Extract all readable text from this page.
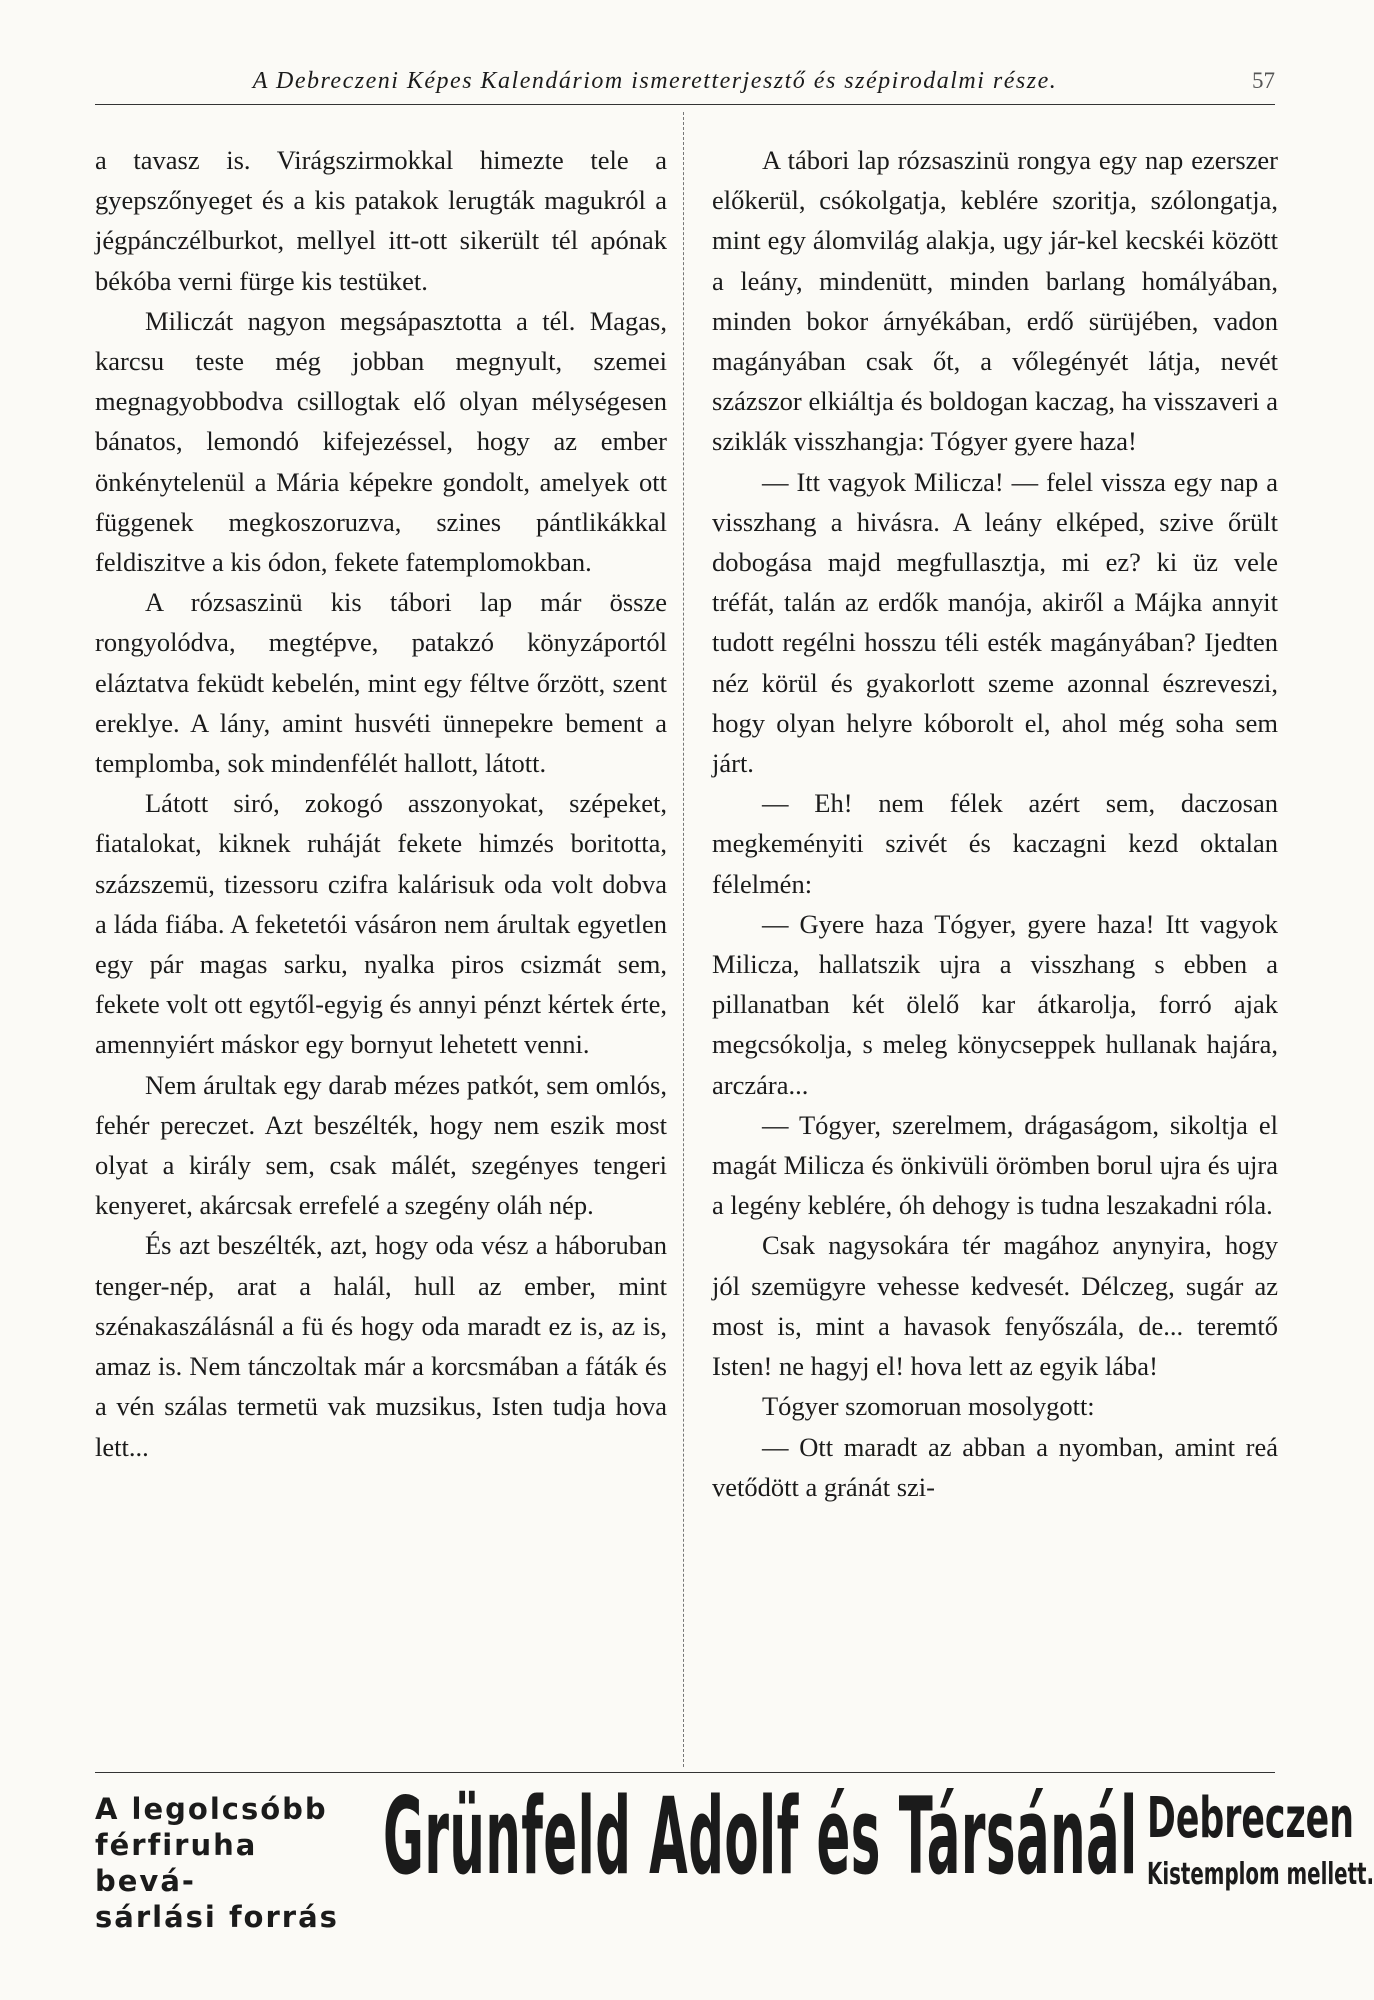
A Debreczeni Képes Kalendáriom ismeretterjesztő és szépirodalmi része.	57

a tavasz is. Virágszirmokkal himezte tele a gyepszőnyeget és a kis patakok lerugták magukról a jégpánczélburkot, mellyel itt-ott sikerült tél apónak békóba verni fürge kis testüket.

Miliczát nagyon megsápasztotta a tél. Magas, karcsu teste még jobban megnyult, szemei megnagyobbodva csillogtak elő olyan mélységesen bánatos, lemondó kifejezéssel, hogy az ember önkénytelenül a Mária képekre gondolt, amelyek ott függenek megkoszoruzva, szines pántlikákkal feldiszitve a kis ódon, fekete fatemplomokban.

A rózsaszinü kis tábori lap már össze rongyolódva, megtépve, patakzó könyzáportól eláztatva feküdt kebelén, mint egy féltve őrzött, szent ereklye. A lány, amint husvéti ünnepekre bement a templomba, sok mindenfélét hallott, látott.

Látott siró, zokogó asszonyokat, szépeket, fiatalokat, kiknek ruháját fekete himzés boritotta, százszemü, tizessoru czifra kalárisuk oda volt dobva a láda fiába. A feketetói vásáron nem árultak egyetlen egy pár magas sarku, nyalka piros csizmát sem, fekete volt ott egytől-egyig és annyi pénzt kértek érte, amennyiért máskor egy bornyut lehetett venni.

Nem árultak egy darab mézes patkót, sem omlós, fehér pereczet. Azt beszélték, hogy nem eszik most olyat a király sem, csak málét, szegényes tengeri kenyeret, akárcsak errefelé a szegény oláh nép.

És azt beszélték, azt, hogy oda vész a háboruban tenger-nép, arat a halál, hull az ember, mint szénakaszálásnál a fü és hogy oda maradt ez is, az is, amaz is. Nem tánczoltak már a korcsmában a fáták és a vén szálas termetü vak muzsikus, Isten tudja hova lett...

A tábori lap rózsaszinü rongya egy nap ezerszer előkerül, csókolgatja, keblére szoritja, szólongatja, mint egy álomvilág alakja, ugy jár-kel kecskéi között a leány, mindenütt, minden barlang homályában, minden bokor árnyékában, erdő sürüjében, vadon magányában csak őt, a vőlegényét látja, nevét százszor elkiáltja és boldogan kaczag, ha visszaveri a sziklák visszhangja: Tógyer gyere haza!

— Itt vagyok Milicza! — felel vissza egy nap a visszhang a hivásra. A leány elképed, szive őrült dobogása majd megfullasztja, mi ez? ki üz vele tréfát, talán az erdők manója, akiről a Májka annyit tudott regélni hosszu téli esték magányában? Ijedten néz körül és gyakorlott szeme azonnal észreveszi, hogy olyan helyre kóborolt el, ahol még soha sem járt.

— Eh! nem félek azért sem, daczosan megkeményiti szivét és kaczagni kezd oktalan félelmén:

— Gyere haza Tógyer, gyere haza! Itt vagyok Milicza, hallatszik ujra a visszhang s ebben a pillanatban két ölelő kar átkarolja, forró ajak megcsókolja, s meleg könycseppek hullanak hajára, arczára...

— Tógyer, szerelmem, drágaságom, sikoltja el magát Milicza és önkivüli örömben borul ujra és ujra a legény keblére, óh dehogy is tudna leszakadni róla.

Csak nagysokára tér magához anynyira, hogy jól szemügyre vehesse kedvesét. Délczeg, sugár az most is, mint a havasok fenyőszála, de... teremtő Isten! ne hagyj el! hova lett az egyik lába!

Tógyer szomoruan mosolygott:

— Ott maradt az abban a nyomban, amint reá vetődött a gránát szi-

A legolcsóbb
férfiruha bevá-
sárlási forrás
Grünfeld Adolf és Társánál Debreczen
Kistemplom mellett.
